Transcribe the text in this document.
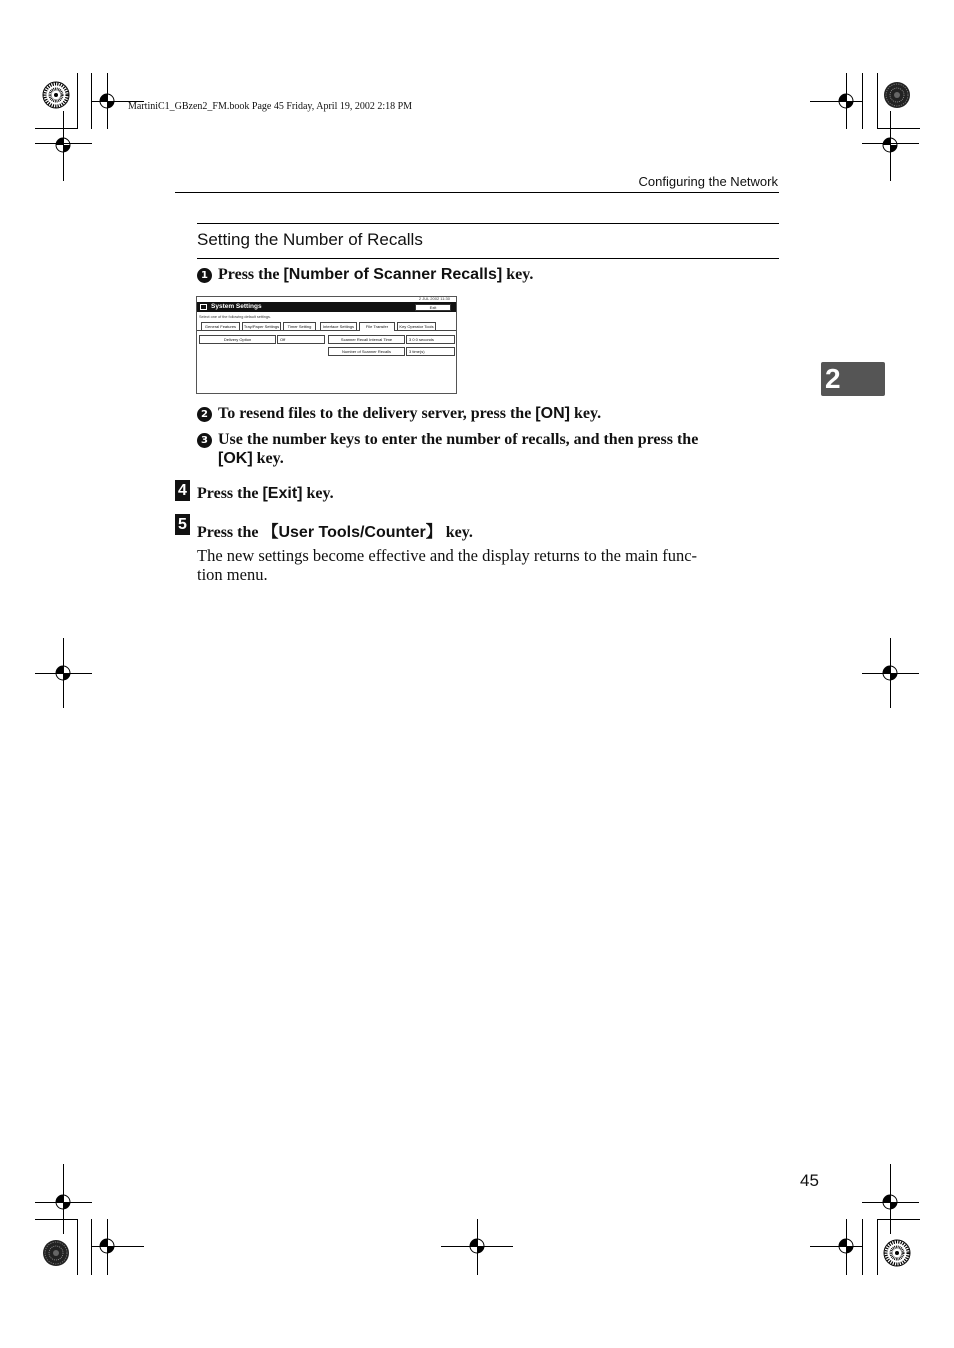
MartiniC1_GBzen2_FM.book Page 45 Friday, April 19, 2002 2:18 PM
Configuring the Network
Setting the Number of Recalls
1 Press the [Number of Scanner Recalls] key.
2 JUL 2002 11:30
System Settings	Exit
Select one of the following default settings.
General Features	Tray/Paper Settings	Timer Setting	Interface Settings	File Transfer	Key Operator Tools
Delivery Option	Off	Scanner Recall Interval Time	3 0 0 seconds
Number of Scanner Recalls	3 time(s)
2 To resend files to the delivery server, press the [ON] key.
3 Use the number keys to enter the number of recalls, and then press the
[OK] key.
4 Press the [Exit] key.
5 Press the 【User Tools/Counter】 key.
The new settings become effective and the display returns to the main func-
tion menu.
2
45
